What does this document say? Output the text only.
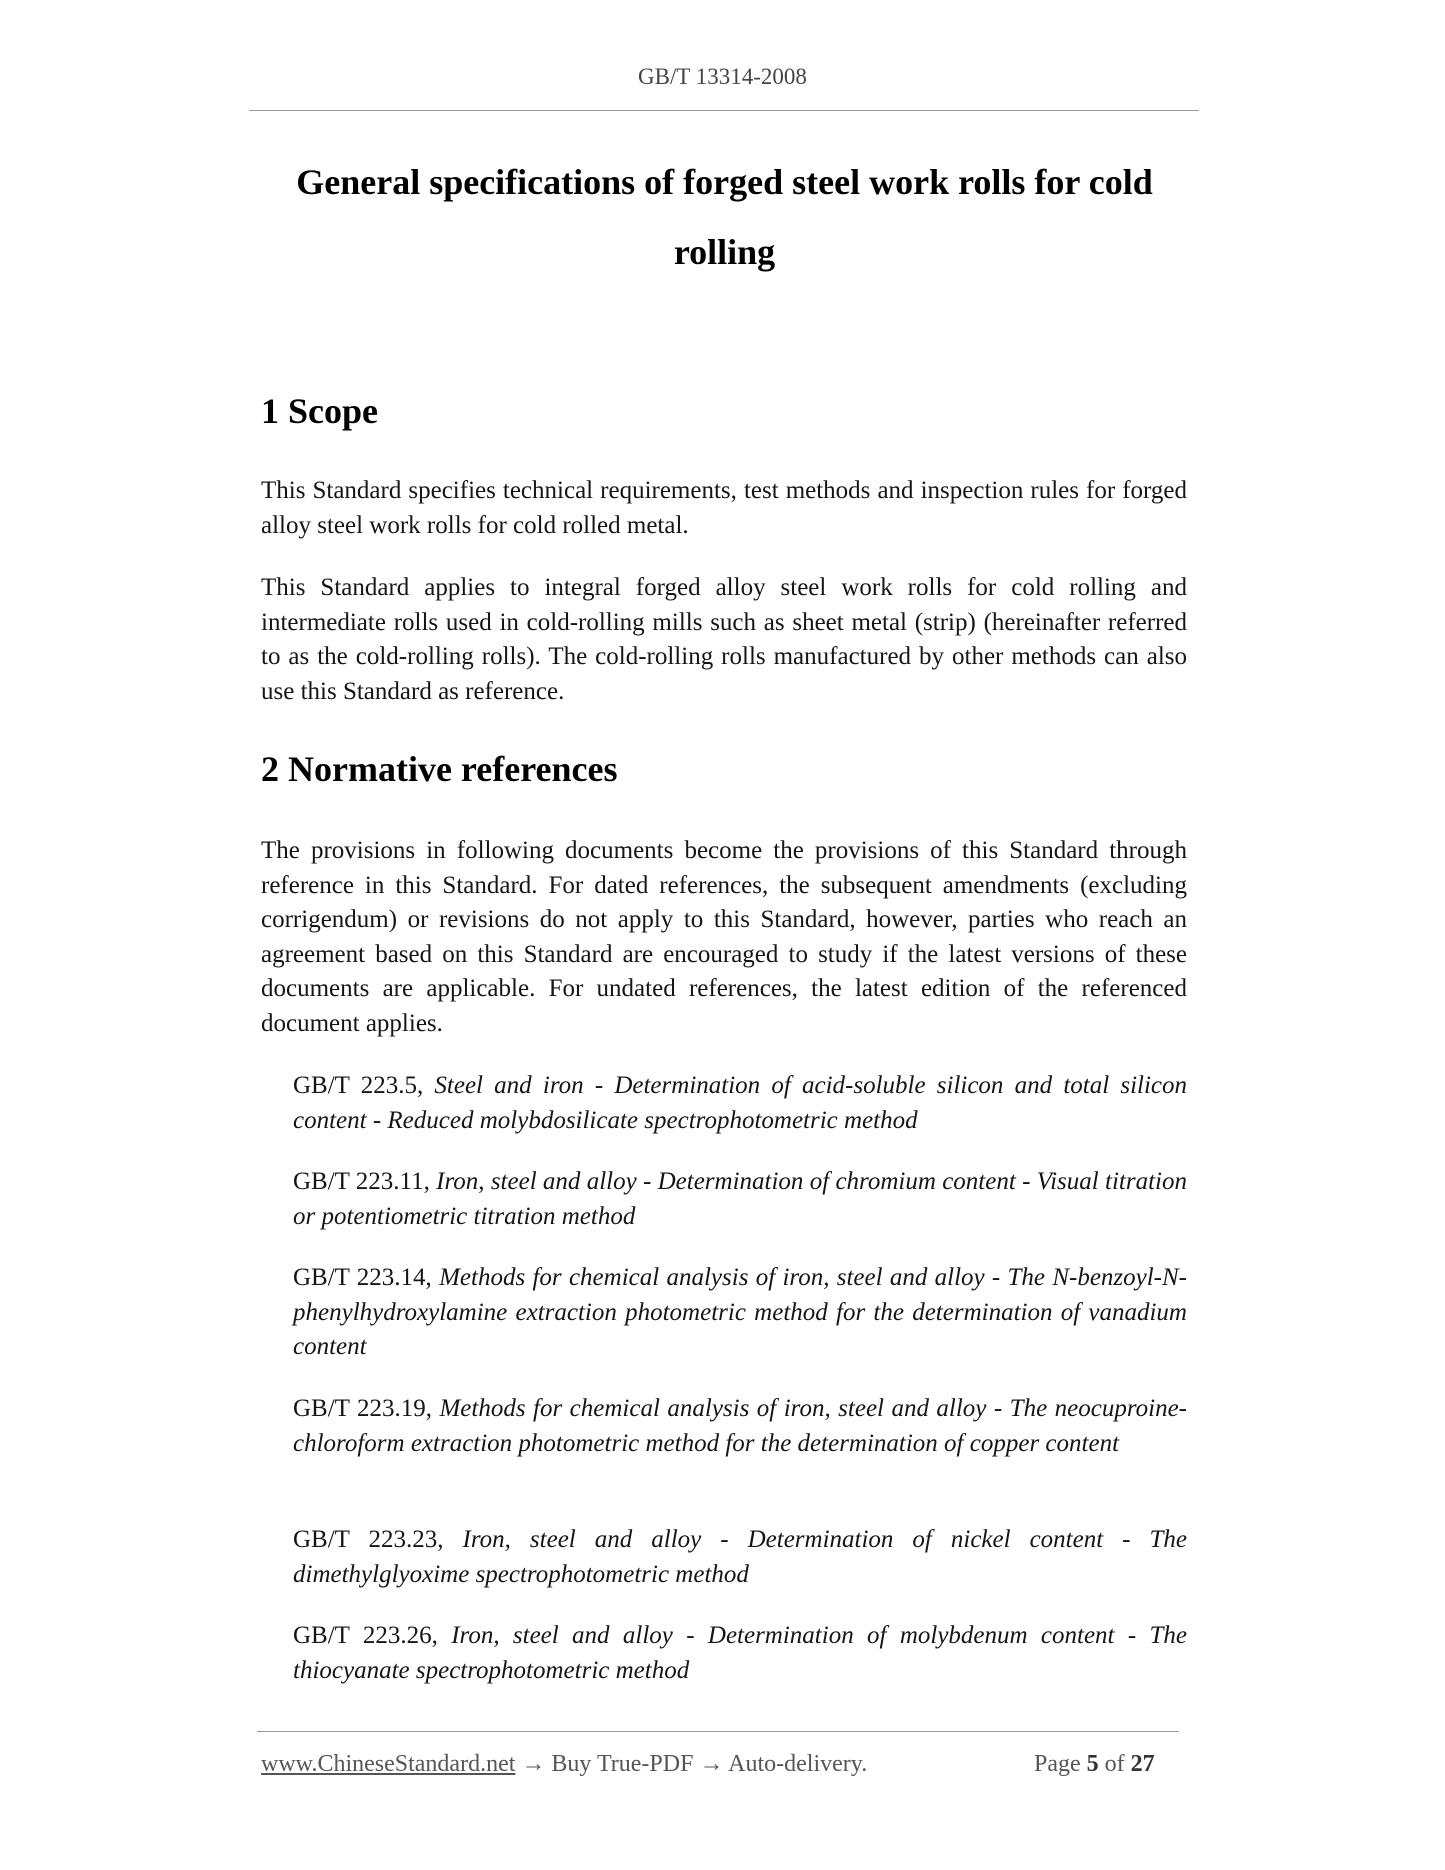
GB/T 13314-2008
General specifications of forged steel work rolls for cold rolling
1 Scope

This Standard specifies technical requirements, test methods and inspection rules for forged alloy steel work rolls for cold rolled metal.

This Standard applies to integral forged alloy steel work rolls for cold rolling and intermediate rolls used in cold-rolling mills such as sheet metal (strip) (hereinafter referred to as the cold-rolling rolls). The cold-rolling rolls manufactured by other methods can also use this Standard as reference.

2 Normative references

The provisions in following documents become the provisions of this Standard through reference in this Standard. For dated references, the subsequent amendments (excluding corrigendum) or revisions do not apply to this Standard, however, parties who reach an agreement based on this Standard are encouraged to study if the latest versions of these documents are applicable. For undated references, the latest edition of the referenced document applies.

GB/T 223.5, Steel and iron - Determination of acid-soluble silicon and total silicon content - Reduced molybdosilicate spectrophotometric method

GB/T 223.11, Iron, steel and alloy - Determination of chromium content - Visual titration or potentiometric titration method

GB/T 223.14, Methods for chemical analysis of iron, steel and alloy - The N-benzoyl-N-phenylhydroxylamine extraction photometric method for the determination of vanadium content

GB/T 223.19, Methods for chemical analysis of iron, steel and alloy - The neocuproine-chloroform extraction photometric method for the determination of copper content

GB/T 223.23, Iron, steel and alloy - Determination of nickel content - The dimethylglyoxime spectrophotometric method

GB/T 223.26, Iron, steel and alloy - Determination of molybdenum content - The thiocyanate spectrophotometric method

www.ChineseStandard.net → Buy True-PDF → Auto-delivery.	Page 5 of 27
